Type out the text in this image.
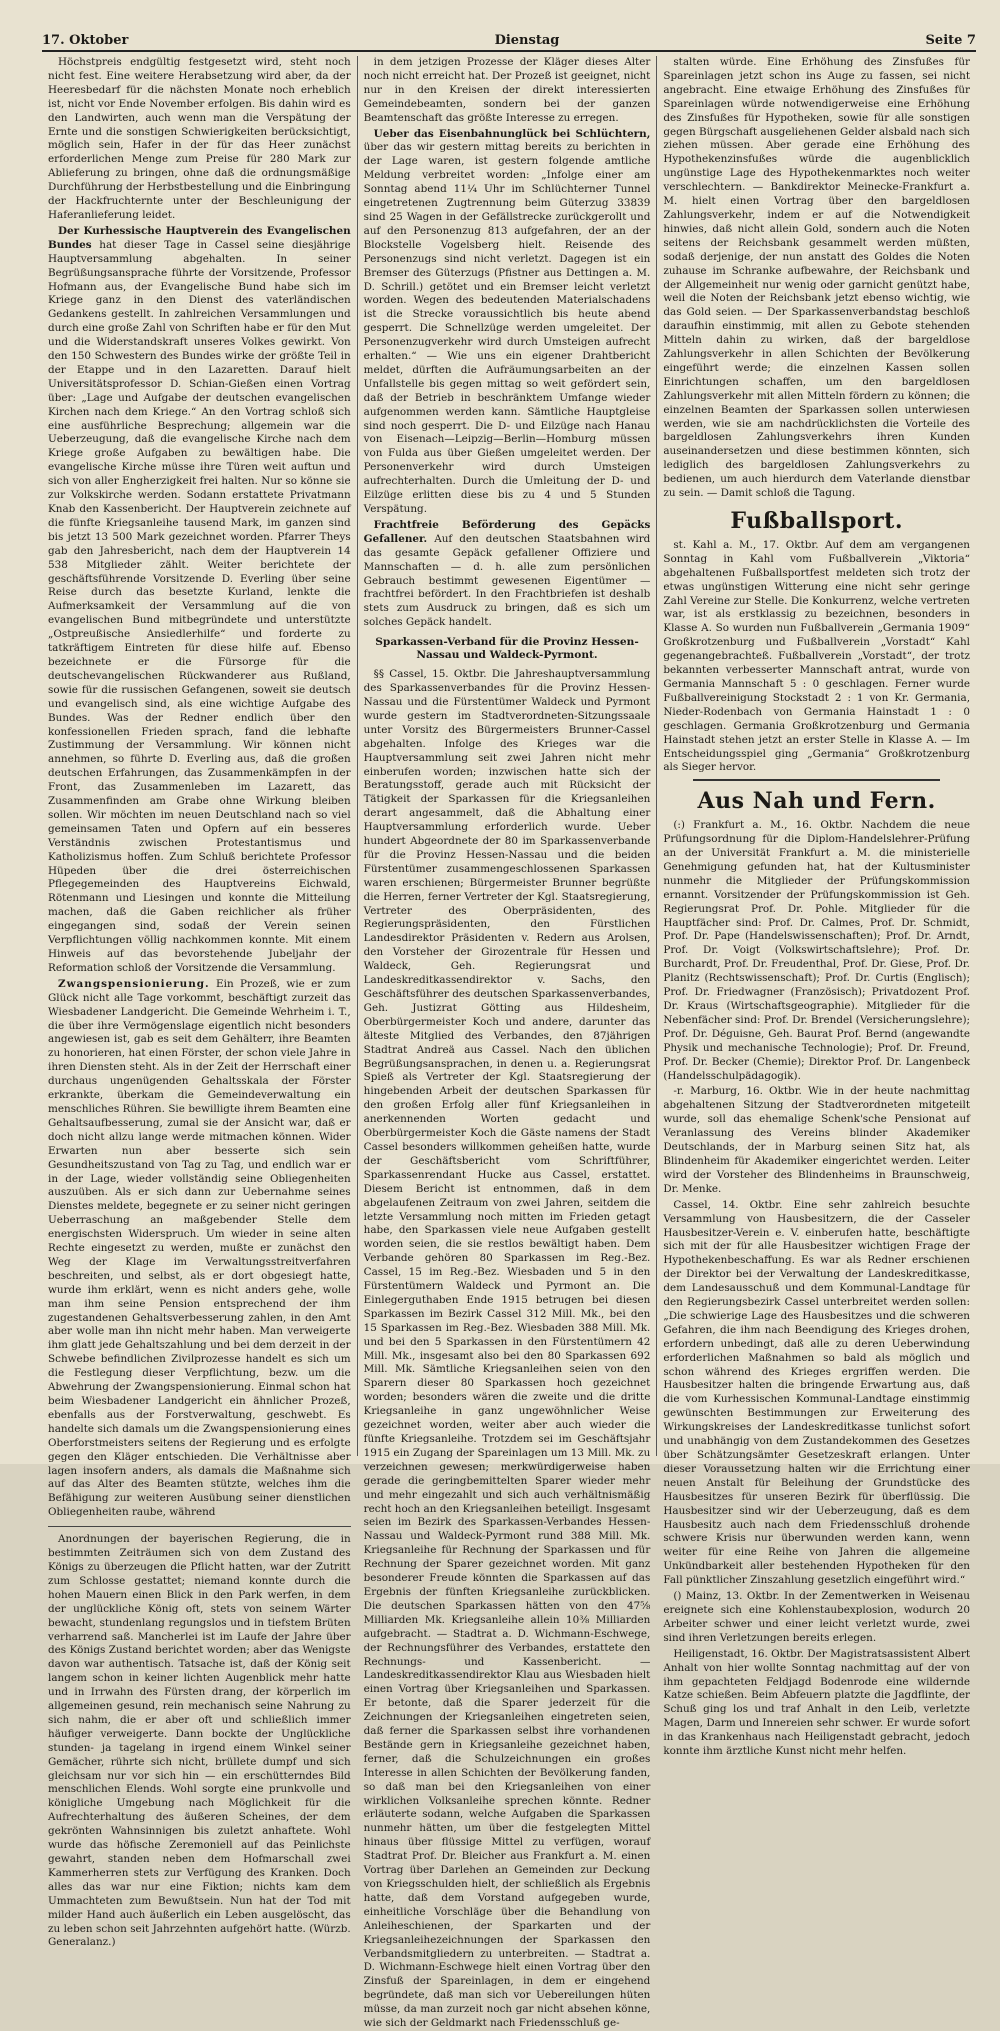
17. Oktober	Dienstag	Seite 7

Höchstpreis endgültig festgesetzt wird, steht noch nicht fest. Eine weitere Herabsetzung wird aber, da der Heeresbedarf für die nächsten Monate noch erheblich ist, nicht vor Ende November erfolgen. Bis dahin wird es den Landwirten, auch wenn man die Verspätung der Ernte und die sonstigen Schwierigkeiten berücksichtigt, möglich sein, Hafer in der für das Heer zunächst erforderlichen Menge zum Preise für 280 Mark zur Ablieferung zu bringen, ohne daß die ordnungsmäßige Durchführung der Herbstbestellung und die Einbringung der Hackfruchternte unter der Beschleunigung der Haferanlieferung leidet.

Der Kurhessische Hauptverein des Evangelischen Bundes hat dieser Tage in Cassel seine diesjährige Hauptversammlung abgehalten. In seiner Begrüßungsansprache führte der Vorsitzende, Professor Hofmann aus, der Evangelische Bund habe sich im Kriege ganz in den Dienst des vaterländischen Gedankens gestellt. In zahlreichen Versammlungen und durch eine große Zahl von Schriften habe er für den Mut und die Widerstandskraft unseres Volkes gewirkt. Von den 150 Schwestern des Bundes wirke der größte Teil in der Etappe und in den Lazaretten. Darauf hielt Universitätsprofessor D. Schian-Gießen einen Vortrag über: „Lage und Aufgabe der deutschen evangelischen Kirchen nach dem Kriege.“ An den Vortrag schloß sich eine ausführliche Besprechung; allgemein war die Ueberzeugung, daß die evangelische Kirche nach dem Kriege große Aufgaben zu bewältigen habe. Die evangelische Kirche müsse ihre Türen weit auftun und sich von aller Engherzigkeit frei halten. Nur so könne sie zur Volkskirche werden. Sodann erstattete Privatmann Knab den Kassenbericht. Der Hauptverein zeichnete auf die fünfte Kriegsanleihe tausend Mark, im ganzen sind bis jetzt 13 500 Mark gezeichnet worden. Pfarrer Theys gab den Jahresbericht, nach dem der Hauptverein 14 538 Mitglieder zählt. Weiter berichtete der geschäftsführende Vorsitzende D. Everling über seine Reise durch das besetzte Kurland, lenkte die Aufmerksamkeit der Versammlung auf die von evangelischen Bund mitbegründete und unterstützte „Ostpreußische Ansiedlerhilfe“ und forderte zu tatkräftigem Eintreten für diese hilfe auf. Ebenso bezeichnete er die Fürsorge für die deutschevangelischen Rückwanderer aus Rußland, sowie für die russischen Gefangenen, soweit sie deutsch und evangelisch sind, als eine wichtige Aufgabe des Bundes. Was der Redner endlich über den konfessionellen Frieden sprach, fand die lebhafte Zustimmung der Versammlung. Wir können nicht annehmen, so führte D. Everling aus, daß die großen deutschen Erfahrungen, das Zusammenkämpfen in der Front, das Zusammenleben im Lazarett, das Zusammenfinden am Grabe ohne Wirkung bleiben sollen. Wir möchten im neuen Deutschland nach so viel gemeinsamen Taten und Opfern auf ein besseres Verständnis zwischen Protestantismus und Katholizismus hoffen. Zum Schluß berichtete Professor Hüpeden über die drei österreichischen Pflegegemeinden des Hauptvereins Eichwald, Rötenmann und Liesingen und konnte die Mitteilung machen, daß die Gaben reichlicher als früher eingegangen sind, sodaß der Verein seinen Verpflichtungen völlig nachkommen konnte. Mit einem Hinweis auf das bevorstehende Jubeljahr der Reformation schloß der Vorsitzende die Versammlung.

Zwangspensionierung. Ein Prozeß, wie er zum Glück nicht alle Tage vorkommt, beschäftigt zurzeit das Wiesbadener Landgericht. Die Gemeinde Wehrheim i. T., die über ihre Vermögenslage eigentlich nicht besonders angewiesen ist, gab es seit dem Gehälterr, ihre Beamten zu honorieren, hat einen Förster, der schon viele Jahre in ihren Diensten steht. Als in der Zeit der Herrschaft einer durchaus ungenügenden Gehaltsskala der Förster erkrankte, überkam die Gemeindeverwaltung ein menschliches Rühren. Sie bewilligte ihrem Beamten eine Gehaltsaufbesserung, zumal sie der Ansicht war, daß er doch nicht allzu lange werde mitmachen können. Wider Erwarten nun aber besserte sich sein Gesundheitszustand von Tag zu Tag, und endlich war er in der Lage, wieder vollständig seine Obliegenheiten auszuüben. Als er sich dann zur Uebernahme seines Dienstes meldete, begegnete er zu seiner nicht geringen Ueberraschung an maßgebender Stelle dem energischsten Widerspruch. Um wieder in seine alten Rechte eingesetzt zu werden, mußte er zunächst den Weg der Klage im Verwaltungsstreitverfahren beschreiten, und selbst, als er dort obgesiegt hatte, wurde ihm erklärt, wenn es nicht anders gehe, wolle man ihm seine Pension entsprechend der ihm zugestandenen Gehaltsverbesserung zahlen, in den Amt aber wolle man ihn nicht mehr haben. Man verweigerte ihm glatt jede Gehaltszahlung und bei dem derzeit in der Schwebe befindlichen Zivilprozesse handelt es sich um die Festlegung dieser Verpflichtung, bezw. um die Abwehrung der Zwangspensionierung. Einmal schon hat beim Wiesbadener Landgericht ein ähnlicher Prozeß, ebenfalls aus der Forstverwaltung, geschwebt. Es handelte sich damals um die Zwangspensionierung eines Oberforstmeisters seitens der Regierung und es erfolgte gegen den Kläger entschieden. Die Verhältnisse aber lagen insofern anders, als damals die Maßnahme sich auf das Alter des Beamten stützte, welches ihm die Befähigung zur weiteren Ausübung seiner dienstlichen Obliegenheiten raube, während

Anordnungen der bayerischen Regierung, die in bestimmten Zeiträumen sich von dem Zustand des Königs zu überzeugen die Pflicht hatten, war der Zutritt zum Schlosse gestattet; niemand konnte durch die hohen Mauern einen Blick in den Park werfen, in dem der unglückliche König oft, stets von seinem Wärter bewacht, stundenlang regungslos und in tiefstem Brüten verharrend saß. Mancherlei ist im Laufe der Jahre über des Königs Zustand berichtet worden; aber das Wenigste davon war authentisch. Tatsache ist, daß der König seit langem schon in keiner lichten Augenblick mehr hatte und in Irrwahn des Fürsten drang, der körperlich im allgemeinen gesund, rein mechanisch seine Nahrung zu sich nahm, die er aber oft und schließlich immer häufiger verweigerte. Dann bockte der Unglückliche stunden- ja tagelang in irgend einem Winkel seiner Gemächer, rührte sich nicht, brüllete dumpf und sich gleichsam nur vor sich hin — ein erschütterndes Bild menschlichen Elends. Wohl sorgte eine prunkvolle und königliche Umgebung nach Möglichkeit für die Aufrechterhaltung des äußeren Scheines, der dem gekrönten Wahnsinnigen bis zuletzt anhaftete. Wohl wurde das höfische Zeremoniell auf das Peinlichste gewahrt, standen neben dem Hofmarschall zwei Kammerherren stets zur Verfügung des Kranken. Doch alles das war nur eine Fiktion; nichts kam dem Ummachteten zum Bewußtsein. Nun hat der Tod mit milder Hand auch äußerlich ein Leben ausgelöscht, das zu leben schon seit Jahrzehnten aufgehört hatte. (Würzb. Generalanz.)

in dem jetzigen Prozesse der Kläger dieses Alter noch nicht erreicht hat. Der Prozeß ist geeignet, nicht nur in den Kreisen der direkt interessierten Gemeindebeamten, sondern bei der ganzen Beamtenschaft das größte Interesse zu erregen.

Ueber das Eisenbahnunglück bei Schlüchtern, über das wir gestern mittag bereits zu berichten in der Lage waren, ist gestern folgende amtliche Meldung verbreitet worden: „Infolge einer am Sonntag abend 11¼ Uhr im Schlüchterner Tunnel eingetretenen Zugtrennung beim Güterzug 33839 sind 25 Wagen in der Gefällstrecke zurückgerollt und auf den Personenzug 813 aufgefahren, der an der Blockstelle Vogelsberg hielt. Reisende des Personenzugs sind nicht verletzt. Dagegen ist ein Bremser des Güterzugs (Pfistner aus Dettingen a. M. D. Schrill.) getötet und ein Bremser leicht verletzt worden. Wegen des bedeutenden Materialschadens ist die Strecke voraussichtlich bis heute abend gesperrt. Die Schnellzüge werden umgeleitet. Der Personenzugverkehr wird durch Umsteigen aufrecht erhalten.“ — Wie uns ein eigener Drahtbericht meldet, dürften die Aufräumungsarbeiten an der Unfallstelle bis gegen mittag so weit gefördert sein, daß der Betrieb in beschränktem Umfange wieder aufgenommen werden kann. Sämtliche Hauptgleise sind noch gesperrt. Die D- und Eilzüge nach Hanau von Eisenach—Leipzig—Berlin—Homburg müssen von Fulda aus über Gießen umgeleitet werden. Der Personenverkehr wird durch Umsteigen aufrechterhalten. Durch die Umleitung der D- und Eilzüge erlitten diese bis zu 4 und 5 Stunden Verspätung.

Frachtfreie Beförderung des Gepäcks Gefallener. Auf den deutschen Staatsbahnen wird das gesamte Gepäck gefallener Offiziere und Mannschaften — d. h. alle zum persönlichen Gebrauch bestimmt gewesenen Eigentümer — frachtfrei befördert. In den Frachtbriefen ist deshalb stets zum Ausdruck zu bringen, daß es sich um solches Gepäck handelt.

Sparkassen-Verband für die Provinz Hessen-Nassau und Waldeck-Pyrmont.

§§ Cassel, 15. Oktbr. Die Jahreshauptversammlung des Sparkassenverbandes für die Provinz Hessen-Nassau und die Fürstentümer Waldeck und Pyrmont wurde gestern im Stadtverordneten-Sitzungssaale unter Vorsitz des Bürgermeisters Brunner-Cassel abgehalten. Infolge des Krieges war die Hauptversammlung seit zwei Jahren nicht mehr einberufen worden; inzwischen hatte sich der Beratungsstoff, gerade auch mit Rücksicht der Tätigkeit der Sparkassen für die Kriegsanleihen derart angesammelt, daß die Abhaltung einer Hauptversammlung erforderlich wurde. Ueber hundert Abgeordnete der 80 im Sparkassenverbande für die Provinz Hessen-Nassau und die beiden Fürstentümer zusammengeschlossenen Sparkassen waren erschienen; Bürgermeister Brunner begrüßte die Herren, ferner Vertreter der Kgl. Staatsregierung, Vertreter des Oberpräsidenten, des Regierungspräsidenten, den Fürstlichen Landesdirektor Präsidenten v. Redern aus Arolsen, den Vorsteher der Girozentrale für Hessen und Waldeck, Geh. Regierungsrat und Landeskreditkassendirektor v. Sachs, den Geschäftsführer des deutschen Sparkassenverbandes, Geh. Justizrat Götting aus Hildesheim, Oberbürgermeister Koch und andere, darunter das älteste Mitglied des Verbandes, den 87jährigen Stadtrat Andreä aus Cassel. Nach den üblichen Begrüßungsansprachen, in denen u. a. Regierungsrat Spieß als Vertreter der Kgl. Staatsregierung der hingebenden Arbeit der deutschen Sparkassen für den großen Erfolg aller fünf Kriegsanleihen in anerkennenden Worten gedacht und Oberbürgermeister Koch die Gäste namens der Stadt Cassel besonders willkommen geheißen hatte, wurde der Geschäftsbericht vom Schriftführer, Sparkassenrendant Hucke aus Cassel, erstattet. Diesem Bericht ist entnommen, daß in dem abgelaufenen Zeitraum von zwei Jahren, seitdem die letzte Versammlung noch mitten im Frieden getagt habe, den Sparkassen viele neue Aufgaben gestellt worden seien, die sie restlos bewältigt haben. Dem Verbande gehören 80 Sparkassen im Reg.-Bez. Cassel, 15 im Reg.-Bez. Wiesbaden und 5 in den Fürstentümern Waldeck und Pyrmont an. Die Einlegerguthaben Ende 1915 betrugen bei diesen Sparkassen im Bezirk Cassel 312 Mill. Mk., bei den 15 Sparkassen im Reg.-Bez. Wiesbaden 388 Mill. Mk. und bei den 5 Sparkassen in den Fürstentümern 42 Mill. Mk., insgesamt also bei den 80 Sparkassen 692 Mill. Mk. Sämtliche Kriegsanleihen seien von den Sparern dieser 80 Sparkassen hoch gezeichnet worden; besonders wären die zweite und die dritte Kriegsanleihe in ganz ungewöhnlicher Weise gezeichnet worden, weiter aber auch wieder die fünfte Kriegsanleihe. Trotzdem sei im Geschäftsjahr 1915 ein Zugang der Spareinlagen um 13 Mill. Mk. zu verzeichnen gewesen; merkwürdigerweise haben gerade die geringbemittelten Sparer wieder mehr und mehr eingezahlt und sich auch verhältnismäßig recht hoch an den Kriegsanleihen beteiligt. Insgesamt seien im Bezirk des Sparkassen-Verbandes Hessen-Nassau und Waldeck-Pyrmont rund 388 Mill. Mk. Kriegsanleihe für Rechnung der Sparkassen und für Rechnung der Sparer gezeichnet worden. Mit ganz besonderer Freude könnten die Sparkassen auf das Ergebnis der fünften Kriegsanleihe zurückblicken. Die deutschen Sparkassen hätten von den 47⅝ Milliarden Mk. Kriegsanleihe allein 10⅜ Milliarden aufgebracht. — Stadtrat a. D. Wichmann-Eschwege, der Rechnungsführer des Verbandes, erstattete den Rechnungs- und Kassenbericht. — Landeskreditkassendirektor Klau aus Wiesbaden hielt einen Vortrag über Kriegsanleihen und Sparkassen. Er betonte, daß die Sparer jederzeit für die Zeichnungen der Kriegsanleihen eingetreten seien, daß ferner die Sparkassen selbst ihre vorhandenen Bestände gern in Kriegsanleihe gezeichnet haben, ferner, daß die Schulzeichnungen ein großes Interesse in allen Schichten der Bevölkerung fanden, so daß man bei den Kriegsanleihen von einer wirklichen Volksanleihe sprechen könnte. Redner erläuterte sodann, welche Aufgaben die Sparkassen nunmehr hätten, um über die festgelegten Mittel hinaus über flüssige Mittel zu verfügen, worauf Stadtrat Prof. Dr. Bleicher aus Frankfurt a. M. einen Vortrag über Darlehen an Gemeinden zur Deckung von Kriegsschulden hielt, der schließlich als Ergebnis hatte, daß dem Vorstand aufgegeben wurde, einheitliche Vorschläge über die Behandlung von Anleiheschienen, der Sparkarten und der Kriegsanleihezeichnungen der Sparkassen den Verbandsmitgliedern zu unterbreiten. — Stadtrat a. D. Wichmann-Eschwege hielt einen Vortrag über den Zinsfuß der Spareinlagen, in dem er eingehend begründete, daß man sich vor Uebereilungen hüten müsse, da man zurzeit noch gar nicht absehen könne, wie sich der Geldmarkt nach Friedensschluß ge-

stalten würde. Eine Erhöhung des Zinsfußes für Spareinlagen jetzt schon ins Auge zu fassen, sei nicht angebracht. Eine etwaige Erhöhung des Zinsfußes für Spareinlagen würde notwendigerweise eine Erhöhung des Zinsfußes für Hypotheken, sowie für alle sonstigen gegen Bürgschaft ausgeliehenen Gelder alsbald nach sich ziehen müssen. Aber gerade eine Erhöhung des Hypothekenzinsfußes würde die augenblicklich ungünstige Lage des Hypothekenmarktes noch weiter verschlechtern. — Bankdirektor Meinecke-Frankfurt a. M. hielt einen Vortrag über den bargeldlosen Zahlungsverkehr, indem er auf die Notwendigkeit hinwies, daß nicht allein Gold, sondern auch die Noten seitens der Reichsbank gesammelt werden müßten, sodaß derjenige, der nun anstatt des Goldes die Noten zuhause im Schranke aufbewahre, der Reichsbank und der Allgemeinheit nur wenig oder garnicht genützt habe, weil die Noten der Reichsbank jetzt ebenso wichtig, wie das Gold seien. — Der Sparkassenverbandstag beschloß daraufhin einstimmig, mit allen zu Gebote stehenden Mitteln dahin zu wirken, daß der bargeldlose Zahlungsverkehr in allen Schichten der Bevölkerung eingeführt werde; die einzelnen Kassen sollen Einrichtungen schaffen, um den bargeldlosen Zahlungsverkehr mit allen Mitteln fördern zu können; die einzelnen Beamten der Sparkassen sollen unterwiesen werden, wie sie am nachdrücklichsten die Vorteile des bargeldlosen Zahlungsverkehrs ihren Kunden auseinandersetzen und diese bestimmen könnten, sich lediglich des bargeldlosen Zahlungsverkehrs zu bedienen, um auch hierdurch dem Vaterlande dienstbar zu sein. — Damit schloß die Tagung.

Fußballsport.

st. Kahl a. M., 17. Oktbr. Auf dem am vergangenen Sonntag in Kahl vom Fußballverein „Viktoria“ abgehaltenen Fußballsportfest meldeten sich trotz der etwas ungünstigen Witterung eine nicht sehr geringe Zahl Vereine zur Stelle. Die Konkurrenz, welche vertreten war, ist als erstklassig zu bezeichnen, besonders in Klasse A. So wurden nun Fußballverein „Germania 1909“ Großkrotzenburg und Fußballverein „Vorstadt“ Kahl gegenangebrachteß. Fußballverein „Vorstadt“, der trotz bekannten verbesserter Mannschaft antrat, wurde von Germania Mannschaft 5 : 0 geschlagen. Ferner wurde Fußballvereinigung Stockstadt 2 : 1 von Kr. Germania, Nieder-Rodenbach von Germania Hainstadt 1 : 0 geschlagen. Germania Großkrotzenburg und Germania Hainstadt stehen jetzt an erster Stelle in Klasse A. — Im Entscheidungsspiel ging „Germania“ Großkrotzenburg als Sieger hervor.

Aus Nah und Fern.

(:) Frankfurt a. M., 16. Oktbr. Nachdem die neue Prüfungsordnung für die Diplom-Handelslehrer-Prüfung an der Universität Frankfurt a. M. die ministerielle Genehmigung gefunden hat, hat der Kultusminister nunmehr die Mitglieder der Prüfungskommission ernannt. Vorsitzender der Prüfungskommission ist Geh. Regierungsrat Prof. Dr. Pohle. Mitglieder für die Hauptfächer sind: Prof. Dr. Calmes, Prof. Dr. Schmidt, Prof. Dr. Pape (Handelswissenschaften); Prof. Dr. Arndt, Prof. Dr. Voigt (Volkswirtschaftslehre); Prof. Dr. Burchardt, Prof. Dr. Freudenthal, Prof. Dr. Giese, Prof. Dr. Planitz (Rechtswissenschaft); Prof. Dr. Curtis (Englisch); Prof. Dr. Friedwagner (Französisch); Privatdozent Prof. Dr. Kraus (Wirtschaftsgeographie). Mitglieder für die Nebenfächer sind: Prof. Dr. Brendel (Versicherungslehre); Prof. Dr. Déguisne, Geh. Baurat Prof. Bernd (angewandte Physik und mechanische Technologie); Prof. Dr. Freund, Prof. Dr. Becker (Chemie); Direktor Prof. Dr. Langenbeck (Handelsschulpädagogik).

-r. Marburg, 16. Oktbr. Wie in der heute nachmittag abgehaltenen Sitzung der Stadtverordneten mitgeteilt wurde, soll das ehemalige Schenk'sche Pensionat auf Veranlassung des Vereins blinder Akademiker Deutschlands, der in Marburg seinen Sitz hat, als Blindenheim für Akademiker eingerichtet werden. Leiter wird der Vorsteher des Blindenheims in Braunschweig, Dr. Menke.

Cassel, 14. Oktbr. Eine sehr zahlreich besuchte Versammlung von Hausbesitzern, die der Casseler Hausbesitzer-Verein e. V. einberufen hatte, beschäftigte sich mit der für alle Hausbesitzer wichtigen Frage der Hypothekenbeschaffung. Es war als Redner erschienen der Direktor bei der Verwaltung der Landeskreditkasse, dem Landesausschuß und dem Kommunal-Landtage für den Regierungsbezirk Cassel unterbreitet werden sollen: „Die schwierige Lage des Hausbesitzes und die schweren Gefahren, die ihm nach Beendigung des Krieges drohen, erfordern unbedingt, daß alle zu deren Ueberwindung erforderlichen Maßnahmen so bald als möglich und schon während des Krieges ergriffen werden. Die Hausbesitzer halten die bringende Erwartung aus, daß die vom Kurhessischen Kommunal-Landtage einstimmig gewünschten Bestimmungen zur Erweiterung des Wirkungskreises der Landeskreditkasse tunlichst sofort und unabhängig von dem Zustandekommen des Gesetzes über Schätzungsämter Gesetzeskraft erlangen. Unter dieser Voraussetzung halten wir die Errichtung einer neuen Anstalt für Beleihung der Grundstücke des Hausbesitzes für unseren Bezirk für überflüssig. Die Hausbesitzer sind wir der Ueberzeugung, daß es dem Hausbesitz auch nach dem Friedensschluß drohende schwere Krisis nur überwunden werden kann, wenn weiter für eine Reihe von Jahren die allgemeine Unkündbarkeit aller bestehenden Hypotheken für den Fall pünktlicher Zinszahlung gesetzlich eingeführt wird.“

() Mainz, 13. Oktbr. In der Zementwerken in Weisenau ereignete sich eine Kohlenstaubexplosion, wodurch 20 Arbeiter schwer und einer leicht verletzt wurde, zwei sind ihren Verletzungen bereits erlegen.

Heiligenstadt, 16. Oktbr. Der Magistratsassistent Albert Anhalt von hier wollte Sonntag nachmittag auf der von ihm gepachteten Feldjagd Bodenrode eine wildernde Katze schießen. Beim Abfeuern platzte die Jagdflinte, der Schuß ging los und traf Anhalt in den Leib, verletzte Magen, Darm und Innereien sehr schwer. Er wurde sofort in das Krankenhaus nach Heiligenstadt gebracht, jedoch konnte ihm ärztliche Kunst nicht mehr helfen.
